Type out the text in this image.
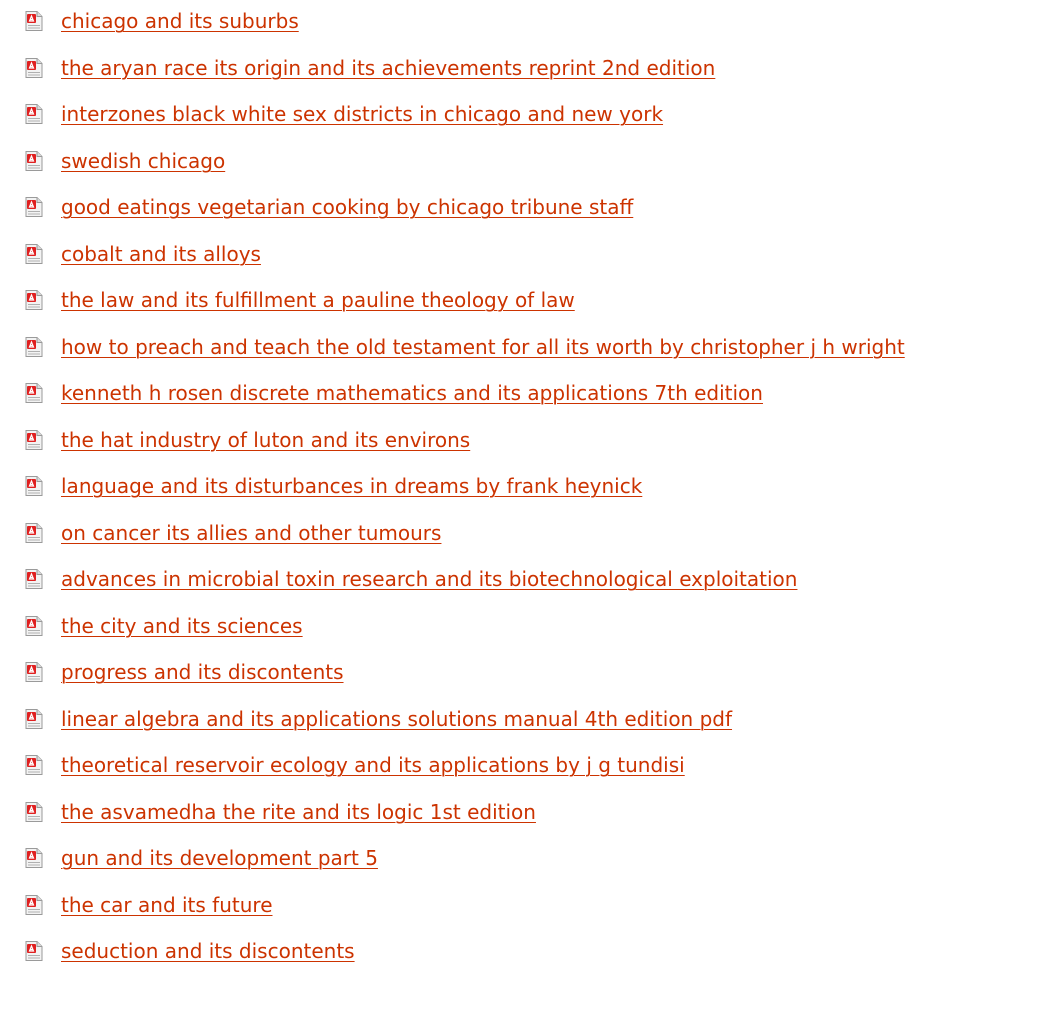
chicago and its suburbs
the aryan race its origin and its achievements reprint 2nd edition
interzones black white sex districts in chicago and new york
swedish chicago
good eatings vegetarian cooking by chicago tribune staff
cobalt and its alloys
the law and its fulfillment a pauline theology of law
how to preach and teach the old testament for all its worth by christopher j h wright
kenneth h rosen discrete mathematics and its applications 7th edition
the hat industry of luton and its environs
language and its disturbances in dreams by frank heynick
on cancer its allies and other tumours
advances in microbial toxin research and its biotechnological exploitation
the city and its sciences
progress and its discontents
linear algebra and its applications solutions manual 4th edition pdf
theoretical reservoir ecology and its applications by j g tundisi
the asvamedha the rite and its logic 1st edition
gun and its development part 5
the car and its future
seduction and its discontents
